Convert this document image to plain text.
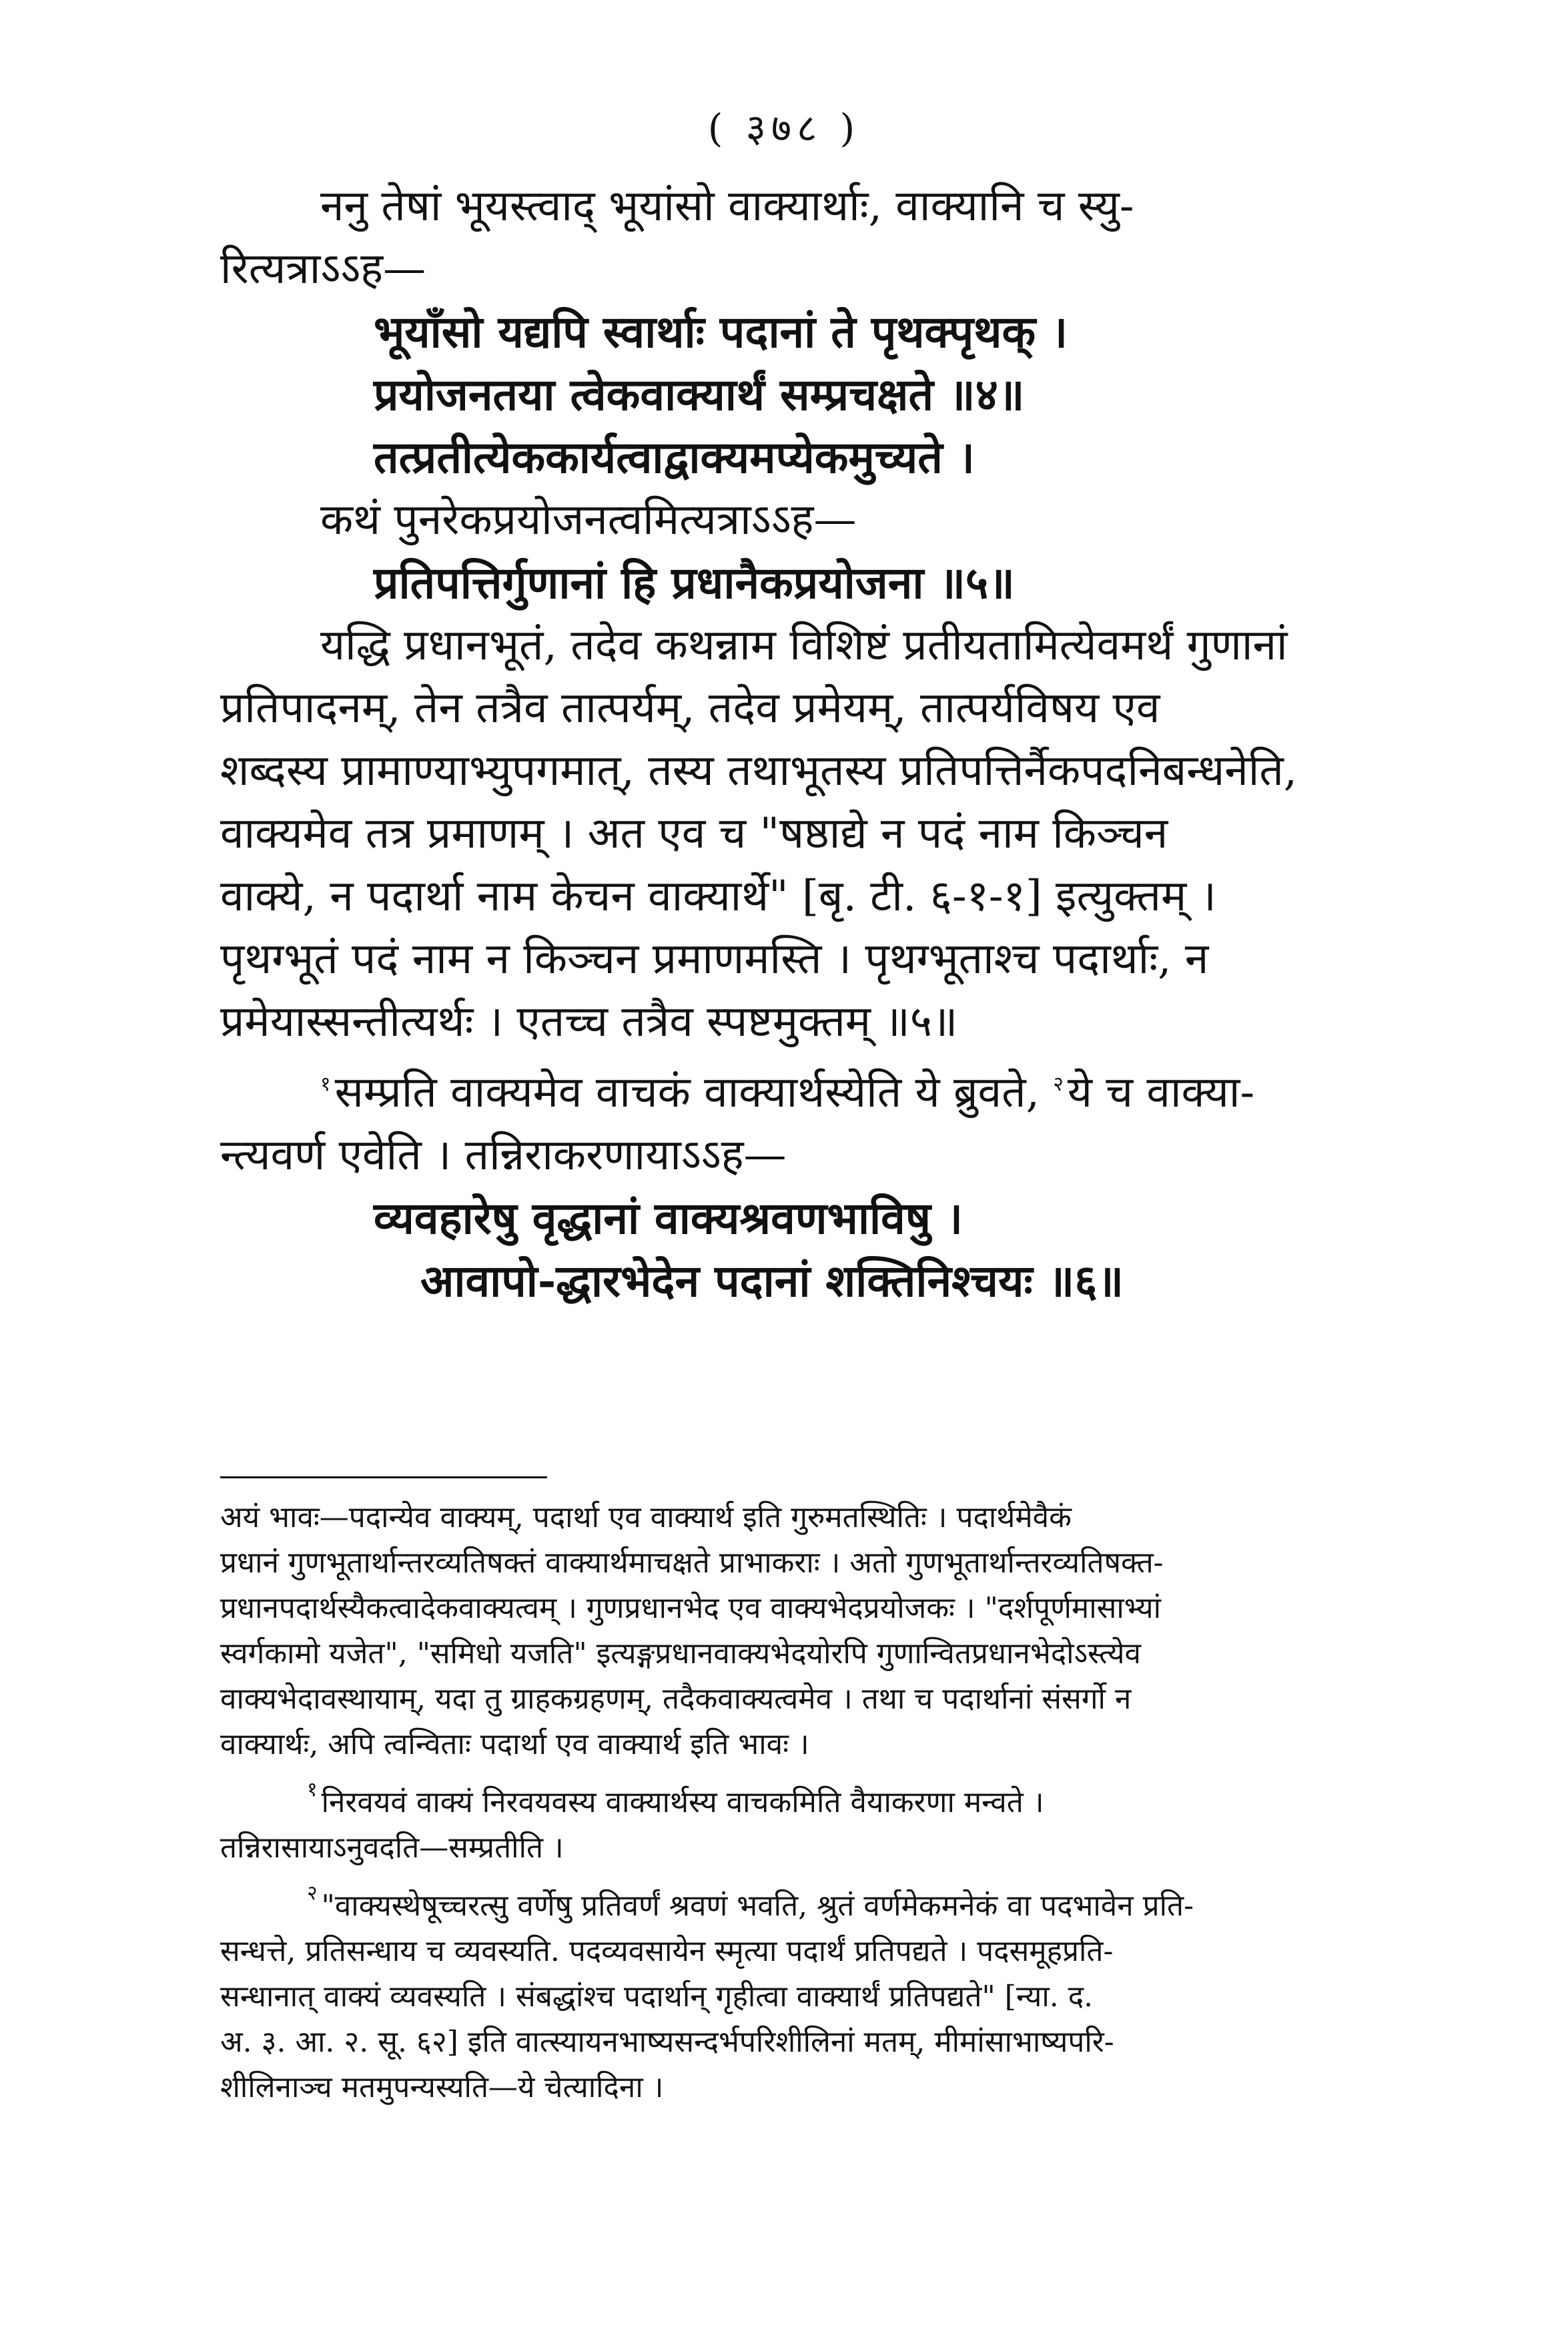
( ३७८ )
ननु तेषां भूयस्त्वाद् भूयांसो वाक्यार्थाः, वाक्यानि च स्यु-
रित्यत्राऽऽह—
भूयाँसो यद्यपि स्वार्थाः पदानां ते पृथक्पृथक् ।
प्रयोजनतया त्वेकवाक्यार्थं सम्प्रचक्षते ॥४॥
तत्प्रतीत्येककार्यत्वाद्वाक्यमप्येकमुच्यते ।
कथं पुनरेकप्रयोजनत्वमित्यत्राऽऽह—
प्रतिपत्तिर्गुणानां हि प्रधानैकप्रयोजना ॥५॥
यद्धि प्रधानभूतं, तदेव कथन्नाम विशिष्टं प्रतीयतामित्येवमर्थं गुणानां
प्रतिपादनम्, तेन तत्रैव तात्पर्यम्, तदेव प्रमेयम्, तात्पर्यविषय एव
शब्दस्य प्रामाण्याभ्युपगमात्, तस्य तथाभूतस्य प्रतिपत्तिर्नैकपदनिबन्धनेति,
वाक्यमेव तत्र प्रमाणम् । अत एव च "षष्ठाद्ये न पदं नाम किञ्चन
वाक्ये, न पदार्था नाम केचन वाक्यार्थे" [बृ. टी. ६-१-१] इत्युक्तम् ।
पृथग्भूतं पदं नाम न किञ्चन प्रमाणमस्ति । पृथग्भूताश्च पदार्थाः, न
प्रमेयास्सन्तीत्यर्थः । एतच्च तत्रैव स्पष्टमुक्तम् ॥५॥
$^१$सम्प्रति वाक्यमेव वाचकं वाक्यार्थस्येति ये ब्रुवते, $^२$ये च वाक्या-
न्त्यवर्ण एवेति । तन्निराकरणायाऽऽह—
व्यवहारेषु वृद्धानां वाक्यश्रवणभाविषु ।
आवापो-द्धारभेदेन पदानां शक्तिनिश्चयः ॥६॥
अयं भावः—पदान्येव वाक्यम्, पदार्था एव वाक्यार्थ इति गुरुमतस्थितिः । पदार्थमेवैकं
प्रधानं गुणभूतार्थान्तरव्यतिषक्तं वाक्यार्थमाचक्षते प्राभाकराः । अतो गुणभूतार्थान्तरव्यतिषक्त-
प्रधानपदार्थस्यैकत्वादेकवाक्यत्वम् । गुणप्रधानभेद एव वाक्यभेदप्रयोजकः । "दर्शपूर्णमासाभ्यां
स्वर्गकामो यजेत", "समिधो यजति" इत्यङ्गप्रधानवाक्यभेदयोरपि गुणान्वितप्रधानभेदोऽस्त्येव
वाक्यभेदावस्थायाम्, यदा तु ग्राहकग्रहणम्, तदैकवाक्यत्वमेव । तथा च पदार्थानां संसर्गो न
वाक्यार्थः, अपि त्वन्विताः पदार्था एव वाक्यार्थ इति भावः ।
$^१$ निरवयवं वाक्यं निरवयवस्य वाक्यार्थस्य वाचकमिति वैयाकरणा मन्वते ।
तन्निरासायाऽनुवदति—सम्प्रतीति ।
$^२$ "वाक्यस्थेषूच्चरत्सु वर्णेषु प्रतिवर्णं श्रवणं भवति, श्रुतं वर्णमेकमनेकं वा पदभावेन प्रति-
सन्धत्ते, प्रतिसन्धाय च व्यवस्यति. पदव्यवसायेन स्मृत्या पदार्थं प्रतिपद्यते । पदसमूहप्रति-
सन्धानात् वाक्यं व्यवस्यति । संबद्धांश्च पदार्थान् गृहीत्वा वाक्यार्थं प्रतिपद्यते" [न्या. द.
अ. ३. आ. २. सू. ६२] इति वात्स्यायनभाष्यसन्दर्भपरिशीलिनां मतम्, मीमांसाभाष्यपरि-
शीलिनाञ्च मतमुपन्यस्यति—ये चेत्यादिना ।
